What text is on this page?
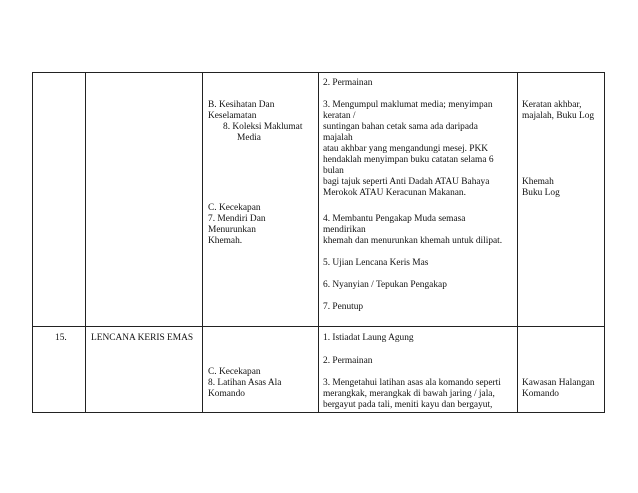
B. Kesihatan Dan
Keselamatan
8. Koleksi Maklumat
Media
C. Kecekapan
7. Mendiri Dan
Menurunkan
Khemah.
2. Permainan
3. Mengumpul maklumat media; menyimpan
keratan /
suntingan bahan cetak sama ada daripada
majalah
atau akhbar yang mengandungi mesej. PKK
hendaklah menyimpan buku catatan selama 6
bulan
bagi tajuk seperti Anti Dadah ATAU Bahaya
Merokok ATAU Keracunan Makanan.
4. Membantu Pengakap Muda semasa
mendirikan
khemah dan menurunkan khemah untuk dilipat.
5. Ujian Lencana Keris Mas
6. Nyanyian / Tepukan Pengakap
7. Penutup
Keratan akhbar,
majalah, Buku Log
Khemah
Buku Log
15.	LENCANA KERIS EMAS
C. Kecekapan
8. Latihan Asas Ala
Komando
1. Istiadat Laung Agung
2. Permainan
3. Mengetahui latihan asas ala komando seperti
merangkak, merangkak di bawah jaring / jala,
bergayut pada tali, meniti kayu dan bergayut,
Kawasan Halangan
Komando
